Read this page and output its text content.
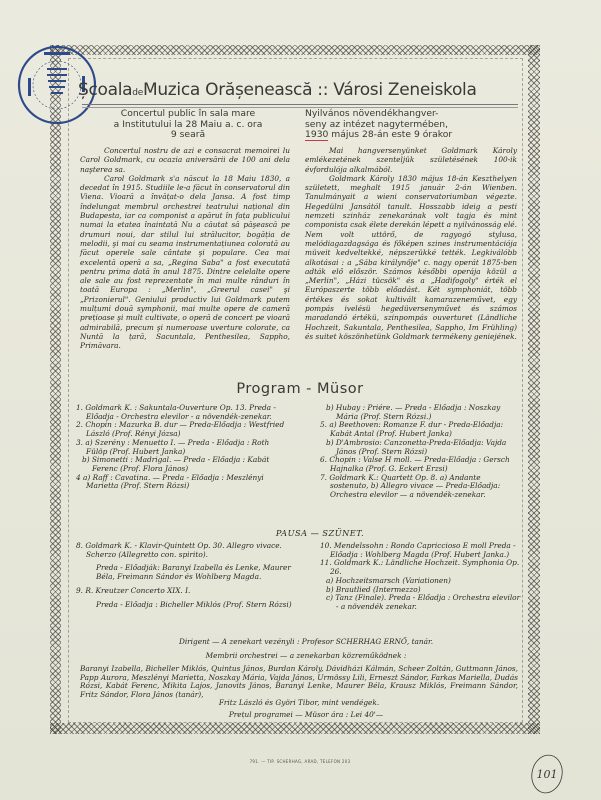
ȘcoaladeMuzica Orășenească :: Városi Zeneiskola
Concertul public în sala mare
a Institutului la 28 Maiu a. c. ora
9 seară
Nyilvános növendékhangver-
seny az intézet nagytermében,
1930 május 28-án este 9 órakor

Concertul nostru de azi e consacrat memoirei lu Carol Goldmark, cu ocazia aniversării de 100 ani dela naşterea sa.

Carol Goldmark s'a născut la 18 Maiu 1830, a decedat în 1915. Studiile le-a făcut în conservatorul din Viena. Vioară a învățat-o dela Jansa. A fost timp îndelungat membrul orchestrei teatrului național din Budapesta, iar ca componist a apărut în fața publicului numai la etatea înaintată Nu a căutat să păşească pe drumuri noui, dar stilul lui strălucitor, bogăția de melodii, şi mai cu seama instrumentațiunea colorată au făcut operele sale cântate şi populare. Cea mai excelentă operă a sa, „Regina Saba" a fost executată pentru prima dată în anul 1875. Dintre celelalte opere ale sale au fost reprezentate în mai multe rânduri în toată Europa : „Merlin", „Greerul casei" şi „Prizonierul". Geniului productiv lui Goldmark putem mulțumi două symphonii, mai multe opere de cameră prețioase şi mult cultivate, o operă de concert pe vioară admirabilă, precum şi numeroase uverture colorate, ca Nuntă la țară, Sacuntala, Penthesilea, Sappho, Primăvara.

Mai hangversenyünket Goldmark Károly emlékezetének szenteljük születésének 100-ik évfordulója alkalmából.

Goldmark Károly 1830 május 18-án Keszthelyen született, meghalt 1915 január 2-án Wienben. Tanulmányait a wieni conservatoriumban végezte. Hegedülni Jansától tanult. Hosszabb ideig a pesti nemzeti szinház zenekarának volt tagja és mint componista csak élete derekán lépett a nyilvánosság elé. Nem volt uttörő, de ragyogó stylusa, melódiagazdagsága és főképen szines instrumentációja müveit kedveltekké, népszerükké tették. Legkiválóbb alkotásai : a „Sába királynője" c. nagy operát 1875-ben adták elő először. Számos későbbi operája közül a „Merlin", „Házi tücsök" és a „Hadifogoly" érték el Európaszerte több előadást. Két symphoniát, több értékes és sokat kultivált kamarazeneművet, egy pompás ivelésü hegedüversenyművet és számos maradandó értékü, szinpompás ouverturet (Ländliche Hochzeit, Sakuntala, Penthesilea, Sappho, Im Frühling) és suitet köszönhetünk Goldmark termékeny geniejének.

Program - Müsor
1. Goldmark K. : Sakuntala-Ouverture Op. 13. Preda - Előadja - Orchestra elevilor - a növendék-zenekar.
2. Chopin : Mazurka B. dur — Preda-Előadja : Westfried László (Prof. Rényi Józsa)
3. a) Szerény : Menuetto I. — Preda - Előadja : Roth Fülöp (Prof. Hubert Janka)
b) Simonetti : Madrigal. — Preda - Előadja : Kabát Ferenc (Prof. Flora János)
4 a) Raff : Cavatina. — Preda - Előadja : Meszlényi Marietta (Prof. Stern Rózsi)
b) Hubay : Priére. — Preda - Előadja : Noszkay Mária (Prof. Stern Rózsi.)
5. a) Beethoven: Romanze F. dur - Preda-Előadja: Kabát Antal (Prof. Hubert Janka)
b) D'Ambrosio: Canzonetta-Preda-Előadja: Vajda János (Prof. Stern Rózsi)
6. Chopin : Valse H moll. — Preda-Előadja : Gersch Hajnalka (Prof. G. Eckert Erzsi)
7. Goldmark K.: Quartett Op. 8. a) Andante sostenuto, b) Allegro vivace — Preda-Előadja: Orchestra elevilor — a növendék-zenekar.
PAUSA — SZÜNET.
8. Goldmark K. - Klavir-Quintett Op. 30. Allegro vivace. Scherzo (Allegretto con. spirito).
Preda - Előadják: Baranyi Izabella és Lenke, Maurer Béla, Freimann Sándor és Wohlberg Magda.
9. R. Kreutzer Concerto XIX. I.
Preda - Előadja : Bicheller Miklós (Prof. Stern Rózsi)
10. Mendelssohn : Rondo Capriccioso E moll Preda - Előadja : Wohlberg Magda (Prof. Hubert Janka.)
11. Goldmark K.: Ländliche Hochzeit. Symphonia Op. 26.
a) Hochzeitsmarsch (Variationen)
b) Brautlied (Intermezzo)
c) Tanz (Finale). Preda - Előadja : Orchestra elevilor - a növendék zenekar.
Dirigent — A zenekart vezényli : Profesor SCHERHAG ERNŐ, tanár.
Membrii orchestrei — a zenekarban közreműködnek :
Baranyi Izabella, Bicheller Miklós, Quintus János, Burdan Károly, Dávidházi Kálmán, Scheer Zoltán, Guttmann János, Papp Aurora, Meszlényi Marietta, Noszkay Mária, Vajda János, Urmössy Lili, Erneszt Sándor, Farkas Mariella, Dudás Rózsi, Kabát Ferenc, Mikita Lajos, Janovits János, Baranyi Lenke, Maurer Béla, Krausz Miklós, Freimann Sándor, Fritz Sándor, Flora János (tanár),
Fritz László és Györi Tibor, mint vendégek.
Prețul programei — Müsor ára : Lei 40'—
791. — TIP. SCHERHAG, ARAD, TELEFON 203
101
